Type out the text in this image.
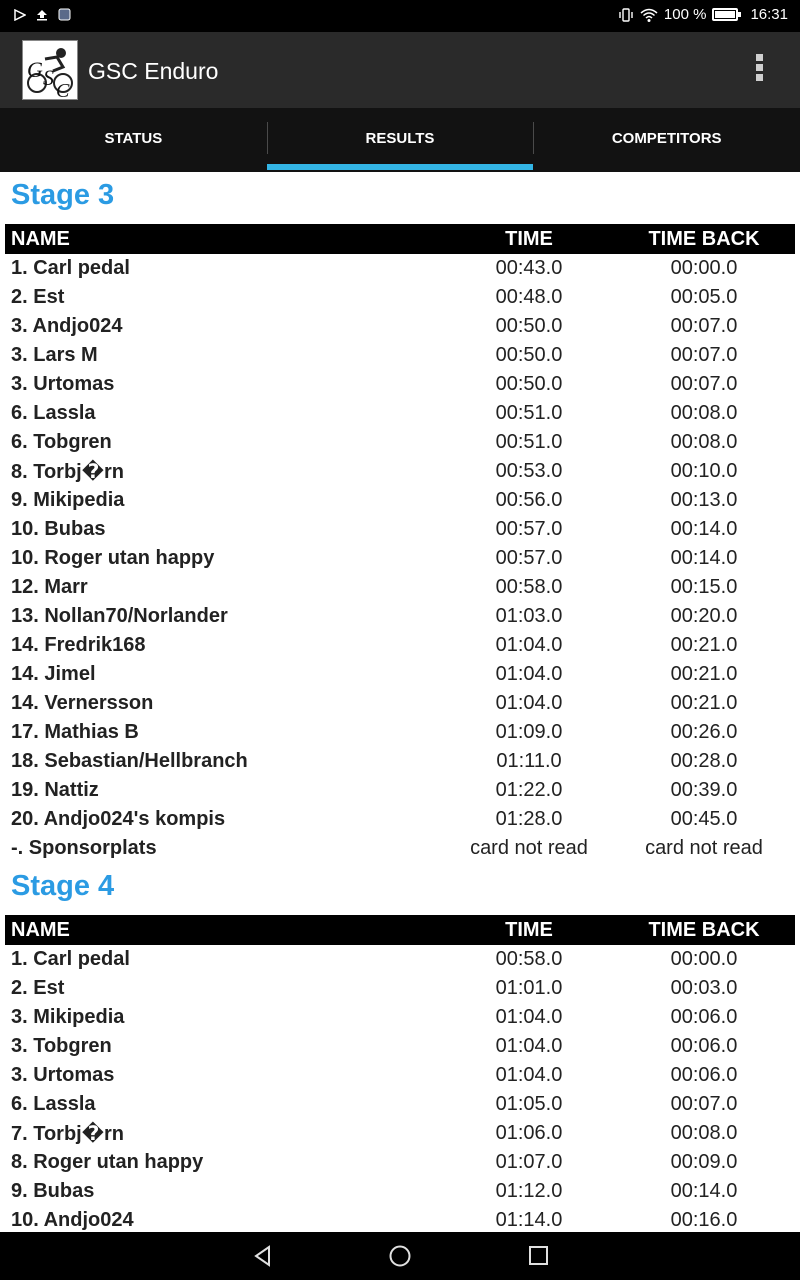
100 %	16:31
G S
C
GSC Enduro
STATUS	RESULTS	COMPETITORS
Stage 3
NAME	TIME	TIME BACK
1. Carl pedal	00:43.0	00:00.0
2. Est	00:48.0	00:05.0
3. Andjo024	00:50.0	00:07.0
3. Lars M	00:50.0	00:07.0
3. Urtomas	00:50.0	00:07.0
6. Lassla	00:51.0	00:08.0
6. Tobgren	00:51.0	00:08.0
8. Torbj�rn	00:53.0	00:10.0
9. Mikipedia	00:56.0	00:13.0
10. Bubas	00:57.0	00:14.0
10. Roger utan happy	00:57.0	00:14.0
12. Marr	00:58.0	00:15.0
13. Nollan70/Norlander	01:03.0	00:20.0
14. Fredrik168	01:04.0	00:21.0
14. Jimel	01:04.0	00:21.0
14. Vernersson	01:04.0	00:21.0
17. Mathias B	01:09.0	00:26.0
18. Sebastian/Hellbranch	01:11.0	00:28.0
19. Nattiz	01:22.0	00:39.0
20. Andjo024's kompis	01:28.0	00:45.0
-. Sponsorplats	card not read	card not read
Stage 4
NAME	TIME	TIME BACK
1. Carl pedal	00:58.0	00:00.0
2. Est	01:01.0	00:03.0
3. Mikipedia	01:04.0	00:06.0
3. Tobgren	01:04.0	00:06.0
3. Urtomas	01:04.0	00:06.0
6. Lassla	01:05.0	00:07.0
7. Torbj�rn	01:06.0	00:08.0
8. Roger utan happy	01:07.0	00:09.0
9. Bubas	01:12.0	00:14.0
10. Andjo024	01:14.0	00:16.0
